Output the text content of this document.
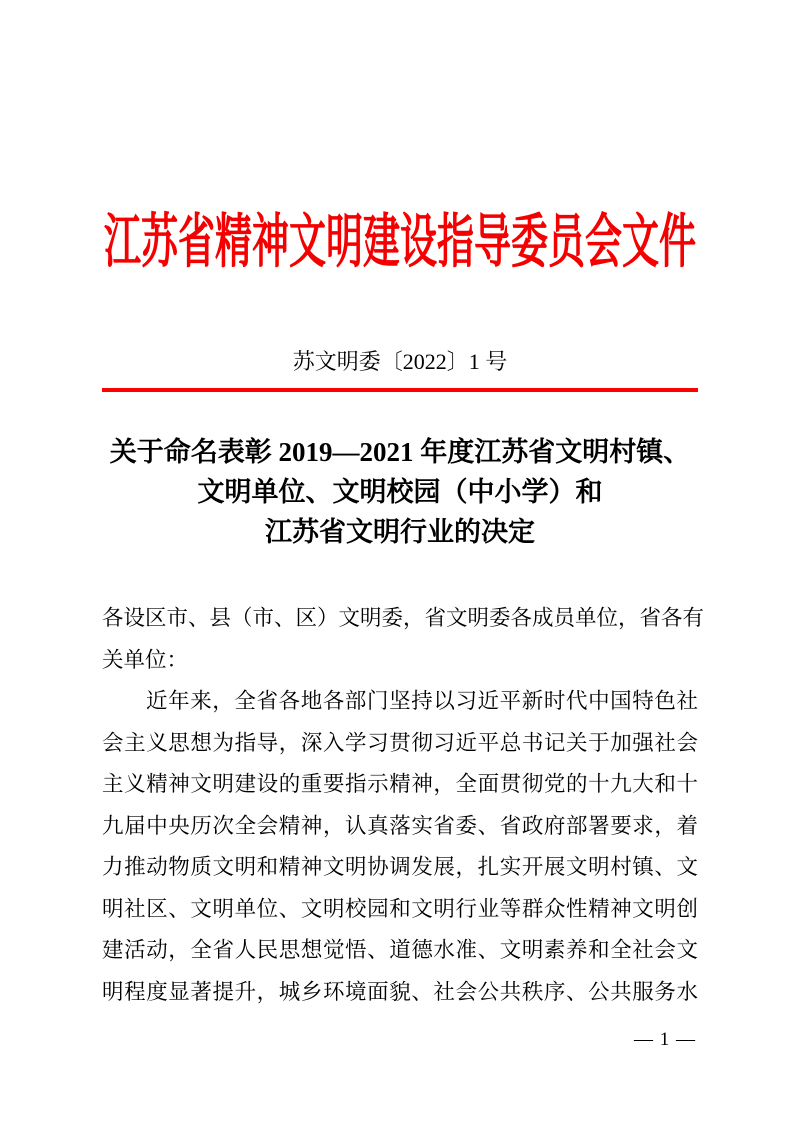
江苏省精神文明建设指导委员会文件
苏文明委〔2022〕1 号
关于命名表彰 2019—2021 年度江苏省文明村镇、
文明单位、文明校园（中小学）和
江苏省文明行业的决定
各设区市、县（市、区）文明委，省文明委各成员单位，省各有
关单位：
近年来，全省各地各部门坚持以习近平新时代中国特色社
会主义思想为指导，深入学习贯彻习近平总书记关于加强社会
主义精神文明建设的重要指示精神，全面贯彻党的十九大和十
九届中央历次全会精神，认真落实省委、省政府部署要求，着
力推动物质文明和精神文明协调发展，扎实开展文明村镇、文
明社区、文明单位、文明校园和文明行业等群众性精神文明创
建活动，全省人民思想觉悟、道德水准、文明素养和全社会文
明程度显著提升，城乡环境面貌、社会公共秩序、公共服务水
— 1 —
